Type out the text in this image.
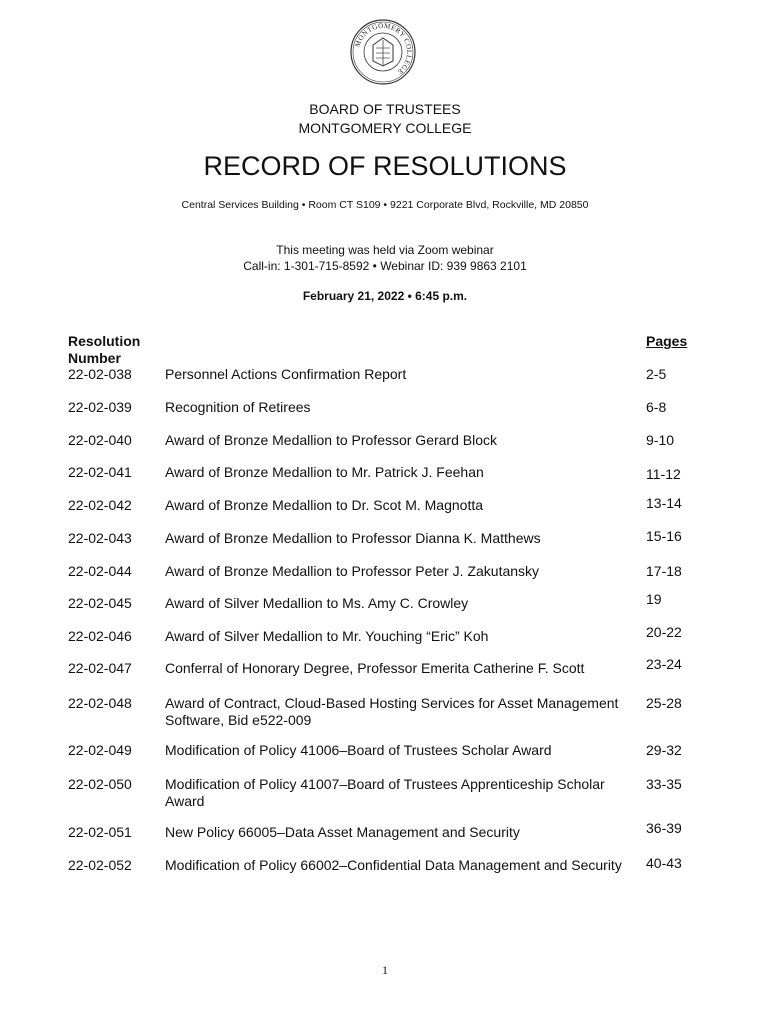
MONTGOMERY COLLEGE
BOARD OF TRUSTEES
MONTGOMERY COLLEGE
RECORD OF RESOLUTIONS
Central Services Building • Room CT S109 • 9221 Corporate Blvd, Rockville, MD 20850
This meeting was held via Zoom webinar
Call-in: 1-301-715-8592 • Webinar ID: 939 9863 2101
February 21, 2022 • 6:45 p.m.
Resolution Number
Pages
22-02-038 Personnel Actions Confirmation Report	2-5
22-02-039 Recognition of Retirees	6-8
22-02-040 Award of Bronze Medallion to Professor Gerard Block	9-10
22-02-041 Award of Bronze Medallion to Mr. Patrick J. Feehan	11-12
22-02-042 Award of Bronze Medallion to Dr. Scot M. Magnotta	13-14
22-02-043 Award of Bronze Medallion to Professor Dianna K. Matthews	15-16
22-02-044 Award of Bronze Medallion to Professor Peter J. Zakutansky	17-18
22-02-045 Award of Silver Medallion to Ms. Amy C. Crowley	19
22-02-046 Award of Silver Medallion to Mr. Youching “Eric” Koh	20-22
22-02-047 Conferral of Honorary Degree, Professor Emerita Catherine F. Scott	23-24
22-02-048 Award of Contract, Cloud-Based Hosting Services for Asset Management Software, Bid e522-009
25-28
22-02-049 Modification of Policy 41006–Board of Trustees Scholar Award	29-32
22-02-050 Modification of Policy 41007–Board of Trustees Apprenticeship Scholar Award
33-35
22-02-051 New Policy 66005–Data Asset Management and Security	36-39
22-02-052 Modification of Policy 66002–Confidential Data Management and Security	40-43
1
